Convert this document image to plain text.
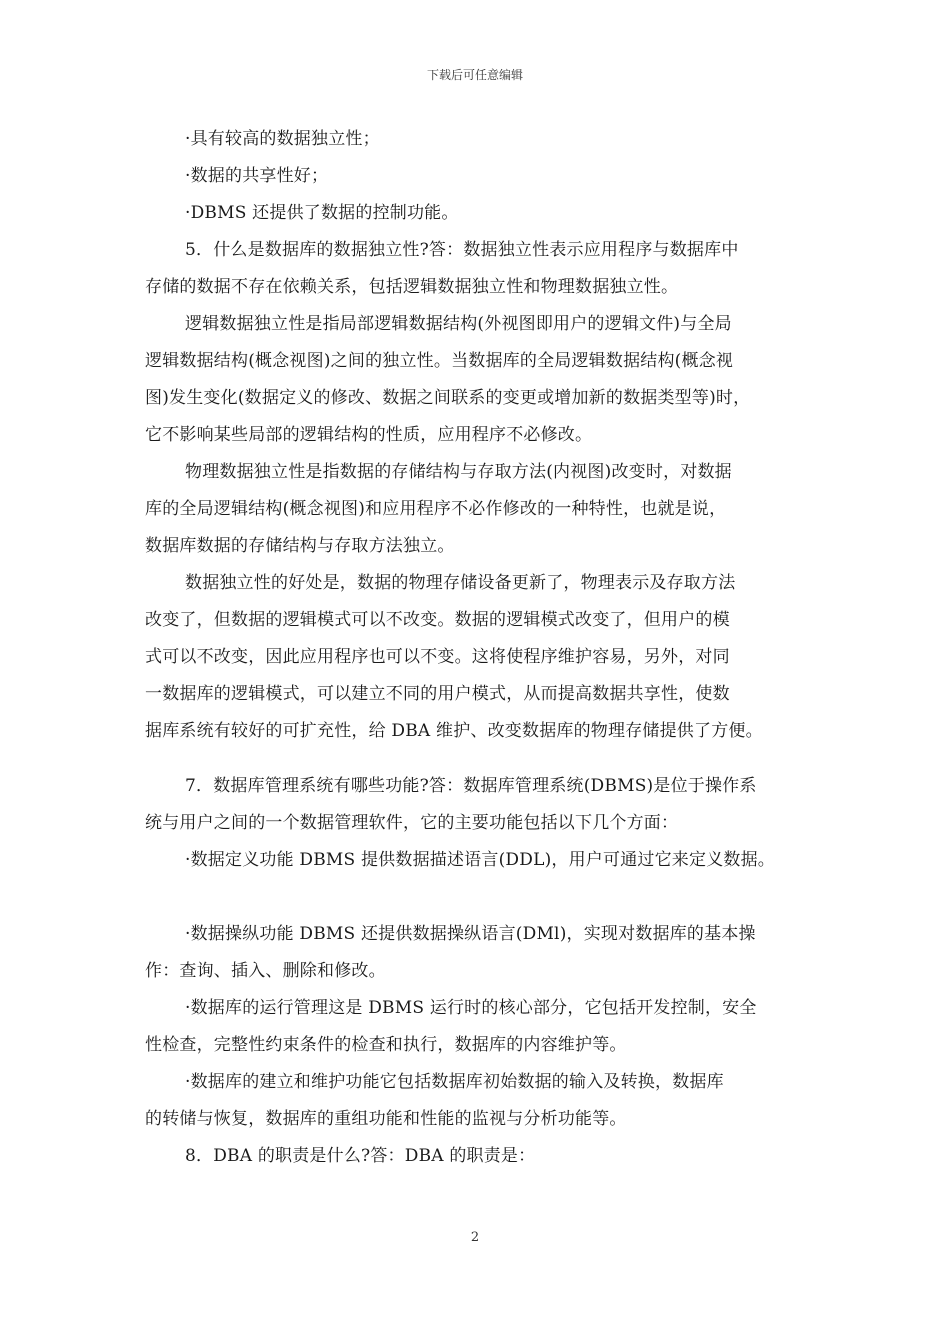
下载后可任意编辑

·具有较高的数据独立性；

·数据的共享性好；

·DBMS 还提供了数据的控制功能。

5．什么是数据库的数据独立性?答：数据独立性表示应用程序与数据库中

存储的数据不存在依赖关系，包括逻辑数据独立性和物理数据独立性。

逻辑数据独立性是指局部逻辑数据结构(外视图即用户的逻辑文件)与全局

逻辑数据结构(概念视图)之间的独立性。当数据库的全局逻辑数据结构(概念视

图)发生变化(数据定义的修改、数据之间联系的变更或增加新的数据类型等)时，

它不影响某些局部的逻辑结构的性质，应用程序不必修改。

物理数据独立性是指数据的存储结构与存取方法(内视图)改变时，对数据

库的全局逻辑结构(概念视图)和应用程序不必作修改的一种特性，也就是说，

数据库数据的存储结构与存取方法独立。

数据独立性的好处是，数据的物理存储设备更新了，物理表示及存取方法

改变了，但数据的逻辑模式可以不改变。数据的逻辑模式改变了，但用户的模

式可以不改变，因此应用程序也可以不变。这将使程序维护容易，另外，对同

一数据库的逻辑模式，可以建立不同的用户模式，从而提高数据共享性，使数

据库系统有较好的可扩充性，给 DBA 维护、改变数据库的物理存储提供了方便。

7．数据库管理系统有哪些功能?答：数据库管理系统(DBMS)是位于操作系

统与用户之间的一个数据管理软件，它的主要功能包括以下几个方面：

·数据定义功能 DBMS 提供数据描述语言(DDL)，用户可通过它来定义数据。

·数据操纵功能 DBMS 还提供数据操纵语言(DMl)，实现对数据库的基本操

作：查询、插入、删除和修改。

·数据库的运行管理这是 DBMS 运行时的核心部分，它包括开发控制，安全

性检查，完整性约束条件的检查和执行，数据库的内容维护等。

·数据库的建立和维护功能它包括数据库初始数据的输入及转换，数据库

的转储与恢复，数据库的重组功能和性能的监视与分析功能等。

8．DBA 的职责是什么?答：DBA 的职责是：

2
